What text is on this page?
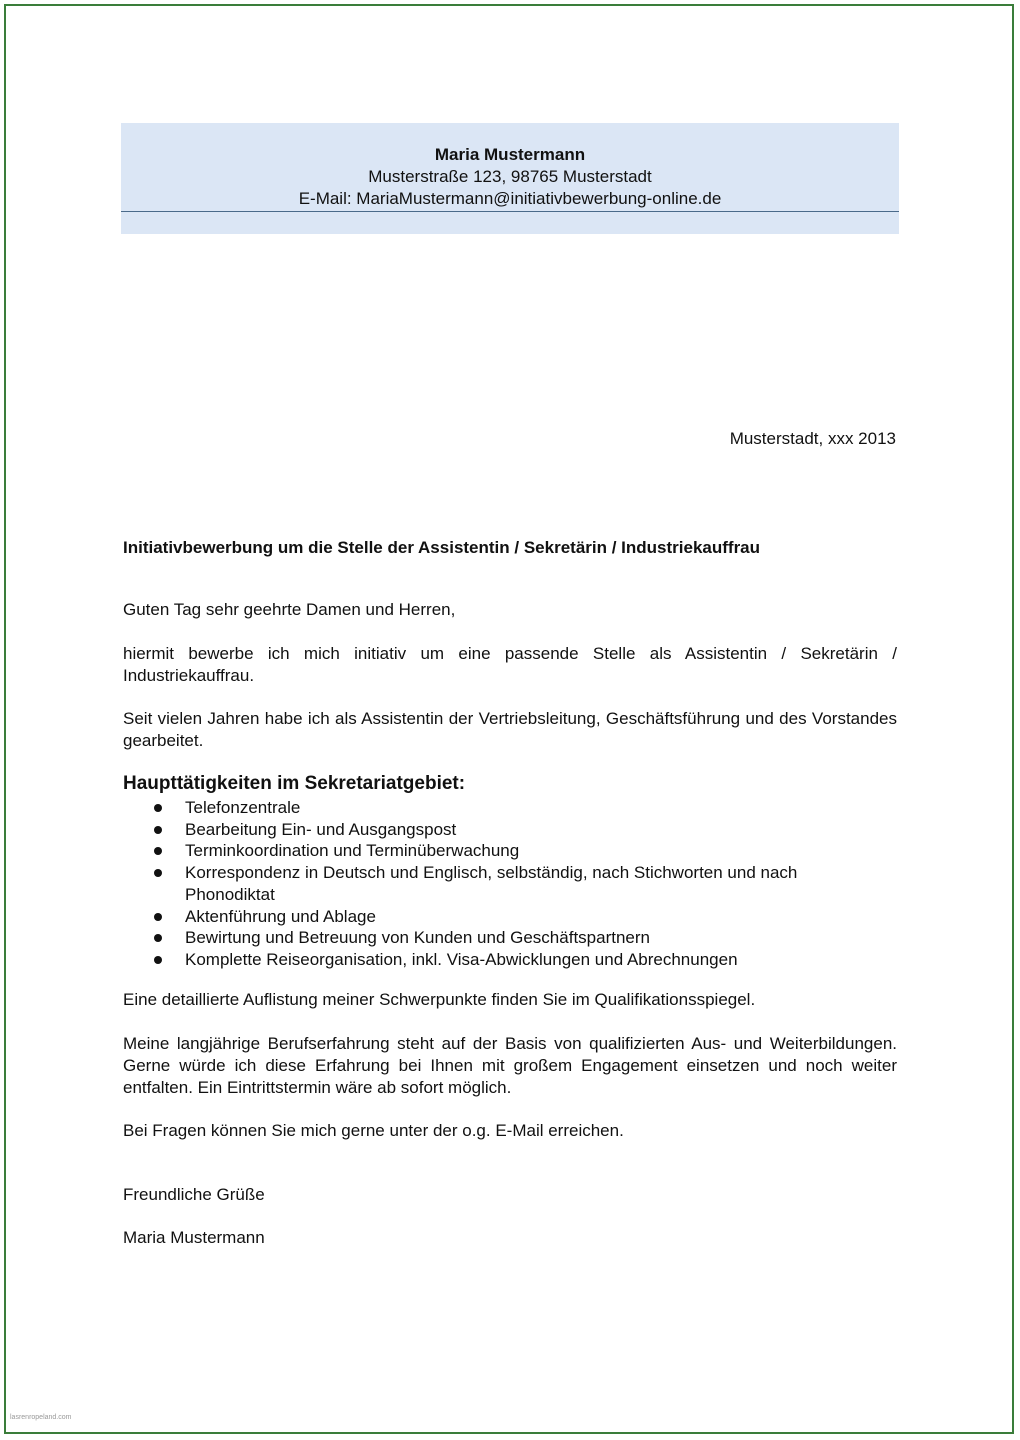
Maria Mustermann
Musterstraße 123, 98765 Musterstadt
E-Mail: MariaMustermann@initiativbewerbung-online.de
Musterstadt, xxx 2013
Initiativbewerbung um die Stelle der Assistentin / Sekretärin / Industriekauffrau
Guten Tag sehr geehrte Damen und Herren,
hiermit bewerbe ich mich initiativ um eine passende Stelle als Assistentin / Sekretärin / Industriekauffrau.
Seit vielen Jahren habe ich als Assistentin der Vertriebsleitung, Geschäftsführung und des Vorstandes gearbeitet.
Haupttätigkeiten im Sekretariatgebiet:
Telefonzentrale
Bearbeitung Ein- und Ausgangspost
Terminkoordination und Terminüberwachung
Korrespondenz in Deutsch und Englisch, selbständig, nach Stichworten und nach Phonodiktat
Aktenführung und Ablage
Bewirtung und Betreuung von Kunden und Geschäftspartnern
Komplette Reiseorganisation, inkl. Visa-Abwicklungen und Abrechnungen
Eine detaillierte Auflistung meiner Schwerpunkte finden Sie im Qualifikationsspiegel.
Meine langjährige Berufserfahrung steht auf der Basis von qualifizierten Aus- und Weiterbildungen. Gerne würde ich diese Erfahrung bei Ihnen mit großem Engagement einsetzen und noch weiter entfalten. Ein Eintrittstermin wäre ab sofort möglich.
Bei Fragen können Sie mich gerne unter der o.g. E-Mail erreichen.
Freundliche Grüße
Maria Mustermann
lasrenropeland.com
